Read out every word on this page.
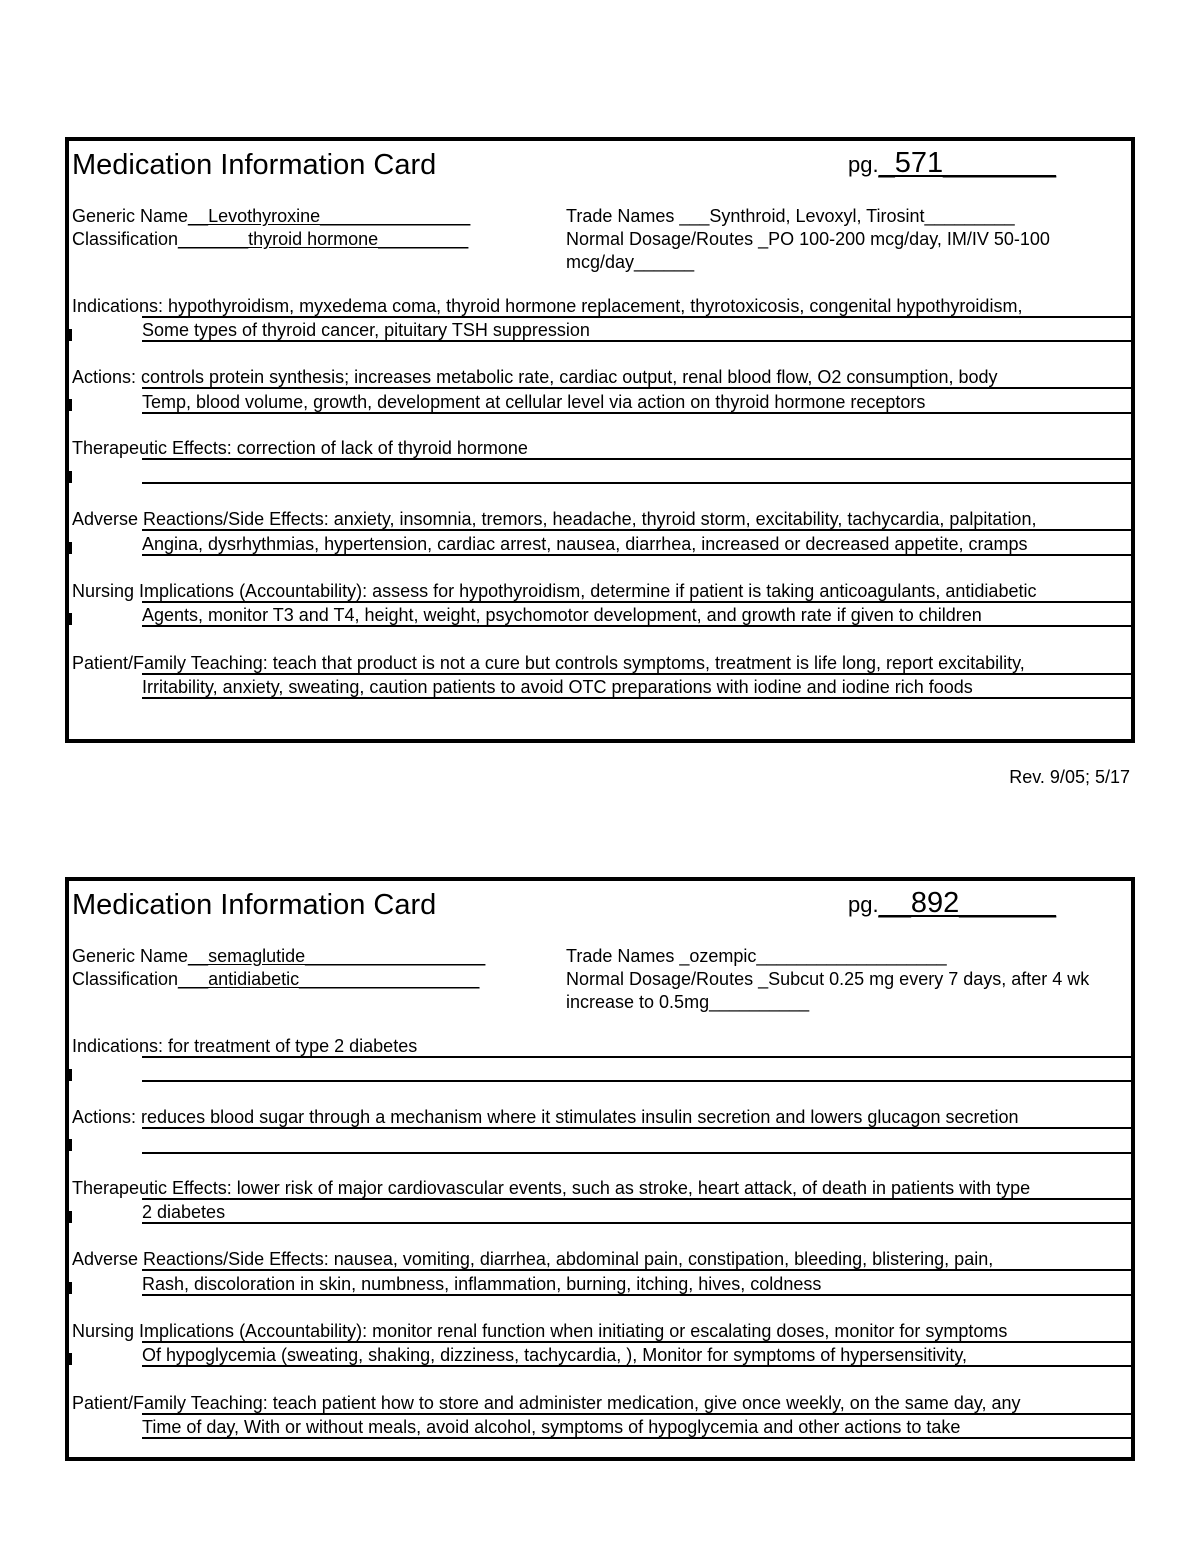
Medication Information Card	pg._571_______
Generic Name__Levothyroxine_______________
Classification_______thyroid hormone_________
Trade Names ___Synthroid, Levoxyl, Tirosint_________
Normal Dosage/Routes _PO 100-200 mcg/day, IM/IV 50-100 mcg/day______
Indications: hypothyroidism, myxedema coma, thyroid hormone replacement, thyrotoxicosis, congenital hypothyroidism,
Some types of thyroid cancer, pituitary TSH suppression
Actions: controls protein synthesis; increases metabolic rate, cardiac output, renal blood flow, O2 consumption, body
Temp, blood volume, growth, development at cellular level via action on thyroid hormone receptors
Therapeutic Effects: correction of lack of thyroid hormone
Adverse Reactions/Side Effects: anxiety, insomnia, tremors, headache, thyroid storm, excitability, tachycardia, palpitation,
Angina, dysrhythmias, hypertension, cardiac arrest, nausea, diarrhea, increased or decreased appetite, cramps
Nursing Implications (Accountability): assess for hypothyroidism, determine if patient is taking anticoagulants, antidiabetic
Agents, monitor T3 and T4, height, weight, psychomotor development, and growth rate if given to children
Patient/Family Teaching: teach that product is not a cure but controls symptoms, treatment is life long, report excitability,
Irritability, anxiety, sweating, caution patients to avoid OTC preparations with iodine and iodine rich foods
Rev. 9/05; 5/17
Medication Information Card	pg.__892______
Generic Name__semaglutide__________________
Classification___antidiabetic__________________
Trade Names _ozempic___________________
Normal Dosage/Routes _Subcut 0.25 mg every 7 days, after 4 wk increase to 0.5mg__________
Indications: for treatment of type 2 diabetes
Actions: reduces blood sugar through a mechanism where it stimulates insulin secretion and lowers glucagon secretion
Therapeutic Effects: lower risk of major cardiovascular events, such as stroke, heart attack, of death in patients with type
2 diabetes
Adverse Reactions/Side Effects: nausea, vomiting, diarrhea, abdominal pain, constipation, bleeding, blistering, pain,
Rash, discoloration in skin, numbness, inflammation, burning, itching, hives, coldness
Nursing Implications (Accountability): monitor renal function when initiating or escalating doses, monitor for symptoms
Of hypoglycemia (sweating, shaking, dizziness, tachycardia, ), Monitor for symptoms of hypersensitivity,
Patient/Family Teaching: teach patient how to store and administer medication, give once weekly, on the same day, any
Time of day, With or without meals, avoid alcohol, symptoms of hypoglycemia and other actions to take
